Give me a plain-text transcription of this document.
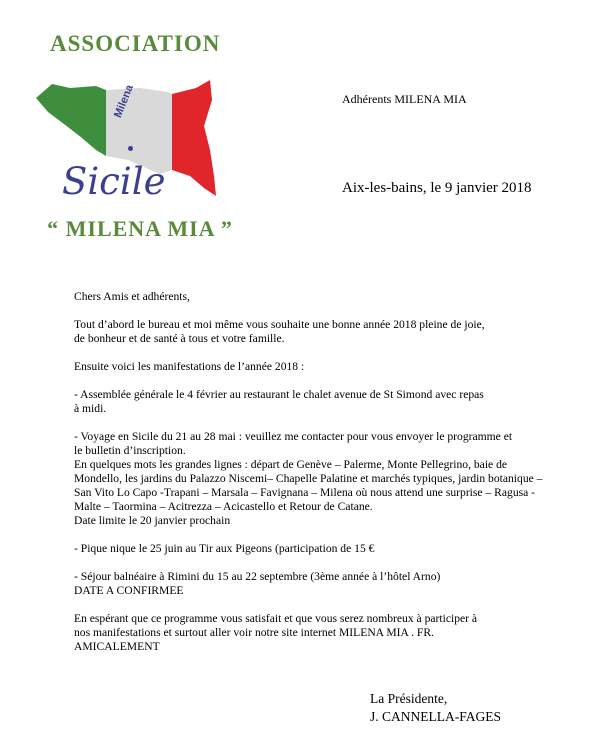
ASSOCIATION
Milena
Sicile
“ MILENA MIA ”
Adhérents MILENA MIA
Aix-les-bains, le 9 janvier 2018

Chers Amis et adhérents,

Tout d’abord le bureau et moi même vous souhaite une bonne année 2018 pleine de joie,

de bonheur et de santé à tous et votre famille.

Ensuite voici les manifestations de l’année 2018 :

- Assemblée générale le 4 février au restaurant le chalet avenue de St Simond avec repas

à midi.

- Voyage en Sicile du 21 au 28 mai : veuillez me contacter pour vous envoyer le programme et

le bulletin d’inscription.

En quelques mots les grandes lignes : départ de Genève – Palerme, Monte Pellegrino, baie de

Mondello, les jardins du Palazzo Niscemi– Chapelle Palatine et marchés typiques, jardin botanique –

San Vito Lo Capo -Trapani – Marsala – Favignana – Milena où nous attend une surprise – Ragusa -

Malte – Taormina – Acitrezza – Acicastello et Retour de Catane.

Date limite le 20 janvier prochain

- Pique nique le 25 juin au Tir aux Pigeons (participation de 15 €

- Séjour balnéaire à Rimini du 15 au 22 septembre (3ème année à l’hôtel Arno)

DATE A CONFIRMEE

En espérant que ce programme vous satisfait et que vous serez nombreux à participer à

nos manifestations et surtout aller voir notre site internet MILENA MIA . FR.

AMICALEMENT

La Présidente,

J. CANNELLA-FAGES
